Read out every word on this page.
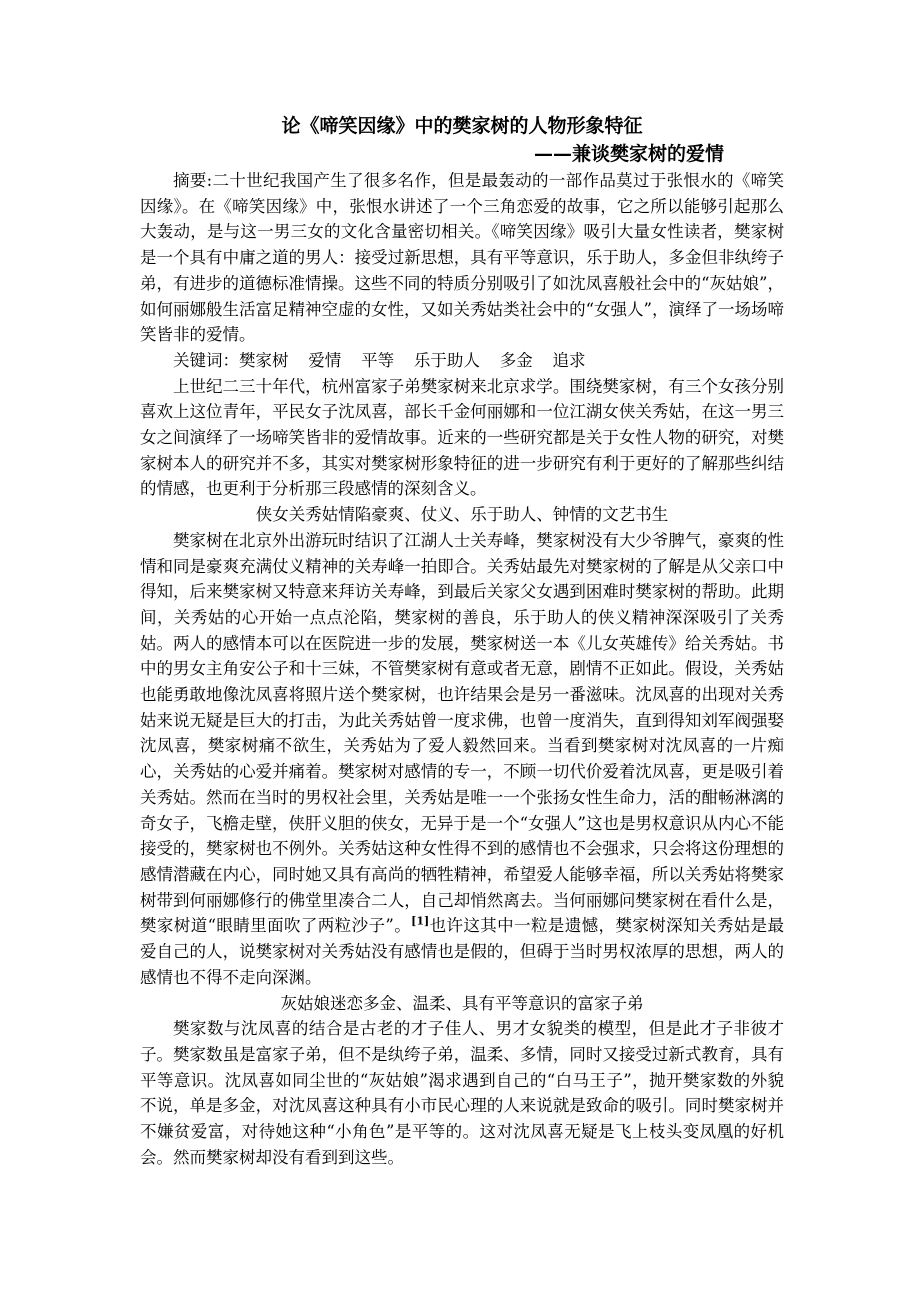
论《啼笑因缘》中的樊家树的人物形象特征

——兼谈樊家树的爱情

摘要:二十世纪我国产生了很多名作，但是最轰动的一部作品莫过于张恨水的《啼笑因缘》。在《啼笑因缘》中，张恨水讲述了一个三角恋爱的故事，它之所以能够引起那么大轰动，是与这一男三女的文化含量密切相关。《啼笑因缘》吸引大量女性读者，樊家树是一个具有中庸之道的男人：接受过新思想，具有平等意识，乐于助人，多金但非纨绔子弟，有进步的道德标准情操。这些不同的特质分别吸引了如沈凤喜般社会中的“灰姑娘”，如何丽娜般生活富足精神空虚的女性，又如关秀姑类社会中的“女强人”，演绎了一场场啼笑皆非的爱情。

关键词：樊家树 爱情 平等 乐于助人 多金 追求

上世纪二三十年代，杭州富家子弟樊家树来北京求学。围绕樊家树，有三个女孩分别喜欢上这位青年，平民女子沈凤喜，部长千金何丽娜和一位江湖女侠关秀姑，在这一男三女之间演绎了一场啼笑皆非的爱情故事。近来的一些研究都是关于女性人物的研究，对樊家树本人的研究并不多，其实对樊家树形象特征的进一步研究有利于更好的了解那些纠结的情感，也更利于分析那三段感情的深刻含义。

侠女关秀姑情陷豪爽、仗义、乐于助人、钟情的文艺书生

樊家树在北京外出游玩时结识了江湖人士关寿峰，樊家树没有大少爷脾气，豪爽的性情和同是豪爽充满仗义精神的关寿峰一拍即合。关秀姑最先对樊家树的了解是从父亲口中得知，后来樊家树又特意来拜访关寿峰，到最后关家父女遇到困难时樊家树的帮助。此期间，关秀姑的心开始一点点沦陷，樊家树的善良，乐于助人的侠义精神深深吸引了关秀姑。两人的感情本可以在医院进一步的发展，樊家树送一本《儿女英雄传》给关秀姑。书中的男女主角安公子和十三妹，不管樊家树有意或者无意，剧情不正如此。假设，关秀姑也能勇敢地像沈凤喜将照片送个樊家树，也许结果会是另一番滋味。沈凤喜的出现对关秀姑来说无疑是巨大的打击，为此关秀姑曾一度求佛，也曾一度消失，直到得知刘军阀强娶沈凤喜，樊家树痛不欲生，关秀姑为了爱人毅然回来。当看到樊家树对沈凤喜的一片痴心，关秀姑的心爱并痛着。樊家树对感情的专一，不顾一切代价爱着沈凤喜，更是吸引着关秀姑。然而在当时的男权社会里，关秀姑是唯一一个张扬女性生命力，活的酣畅淋漓的奇女子，飞檐走壁，侠肝义胆的侠女，无异于是一个“女强人”这也是男权意识从内心不能接受的，樊家树也不例外。关秀姑这种女性得不到的感情也不会强求，只会将这份理想的感情潜藏在内心，同时她又具有高尚的牺牲精神，希望爱人能够幸福，所以关秀姑将樊家树带到何丽娜修行的佛堂里凑合二人，自己却悄然离去。当何丽娜问樊家树在看什么是，樊家树道“眼睛里面吹了两粒沙子”。[1]也许这其中一粒是遗憾，樊家树深知关秀姑是最爱自己的人，说樊家树对关秀姑没有感情也是假的，但碍于当时男权浓厚的思想，两人的感情也不得不走向深渊。

灰姑娘迷恋多金、温柔、具有平等意识的富家子弟

樊家数与沈凤喜的结合是古老的才子佳人、男才女貌类的模型，但是此才子非彼才子。樊家数虽是富家子弟，但不是纨绔子弟，温柔、多情，同时又接受过新式教育，具有平等意识。沈凤喜如同尘世的“灰姑娘”渴求遇到自己的“白马王子”，抛开樊家数的外貌不说，单是多金，对沈凤喜这种具有小市民心理的人来说就是致命的吸引。同时樊家树并不嫌贫爱富，对待她这种“小角色”是平等的。这对沈凤喜无疑是飞上枝头变凤凰的好机会。然而樊家树却没有看到到这些。
